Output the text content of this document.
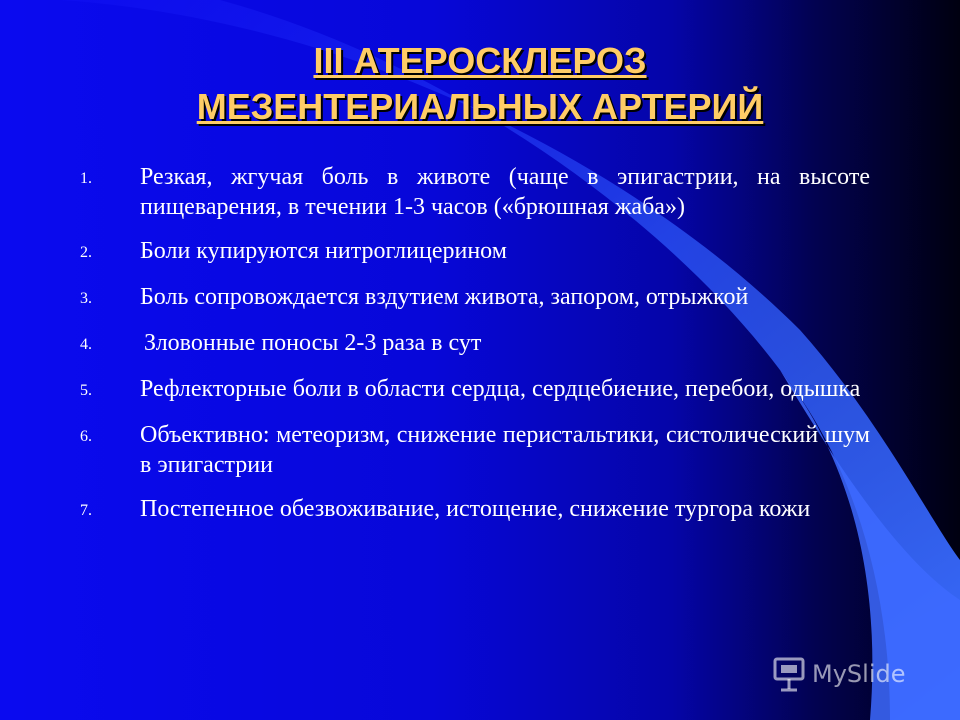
III АТЕРОСКЛЕРОЗ
МЕЗЕНТЕРИАЛЬНЫХ АРТЕРИЙ
1.	Резкая, жгучая боль в животе (чаще в эпигастрии, на высоте пищеварения, в течении 1-3 часов («брюшная жаба»)
2.	Боли купируются нитроглицерином
3.	Боль сопровождается вздутием живота, запором, отрыжкой
4.	Зловонные поносы 2-3 раза в сут
5.	Рефлекторные боли в области сердца, сердцебиение, перебои, одышка
6.	Объективно: метеоризм, снижение перистальтики, систолический шум в эпигастрии
7.	Постепенное обезвоживание, истощение, снижение тургора кожи
MySlide
